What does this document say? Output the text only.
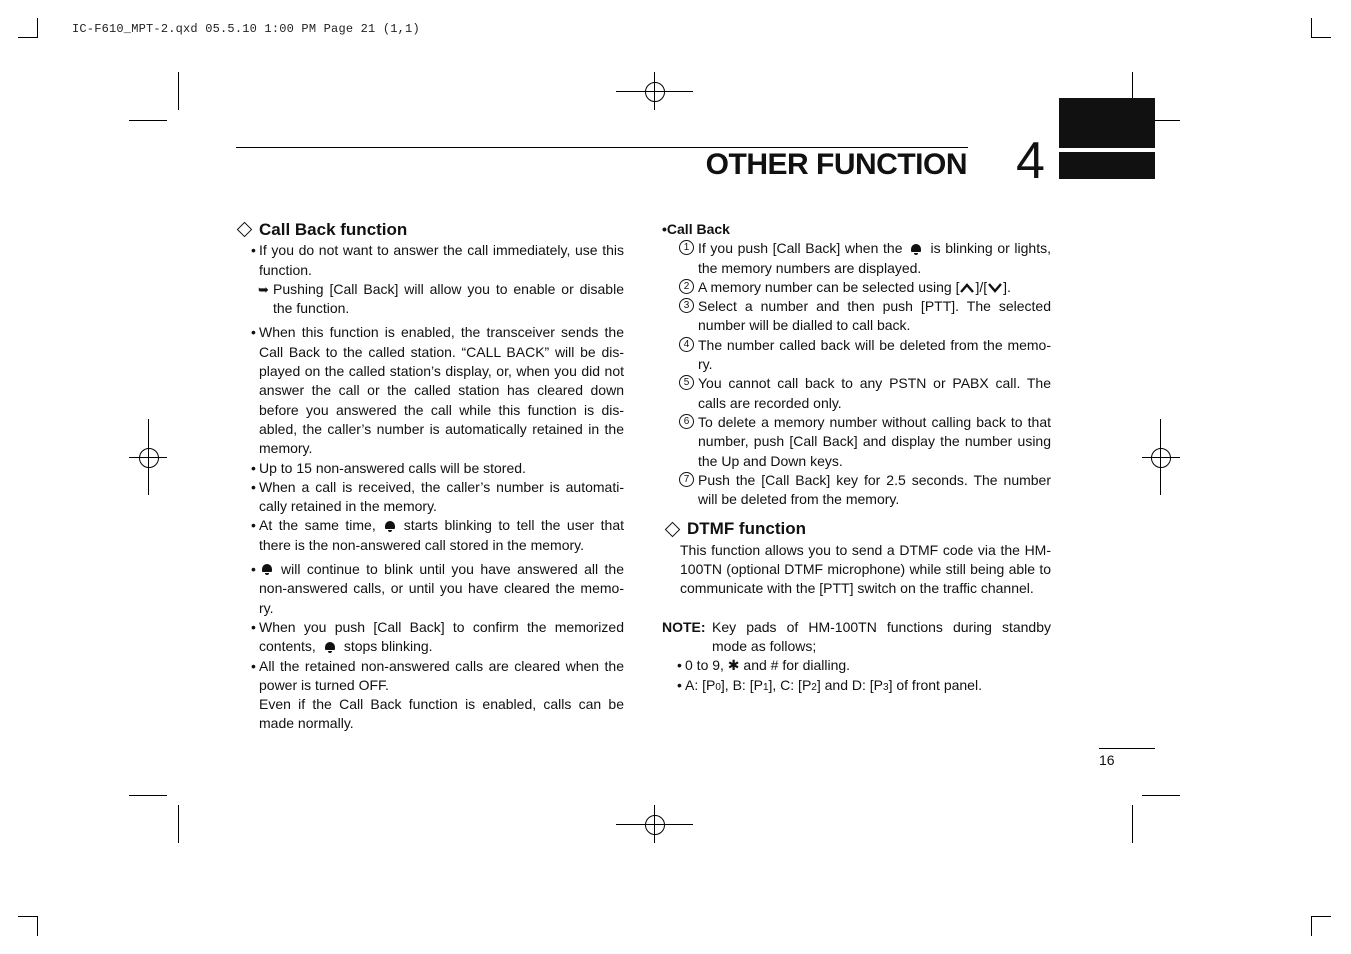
IC-F610_MPT-2.qxd 05.5.10 1:00 PM Page 21 (1,1)
OTHER FUNCTION 4
Call Back function
• If you do not want to answer the call immediately, use this function.
➥ Pushing [Call Back] will allow you to enable or disable the function.
• When this function is enabled, the transceiver sends the Call Back to the called station. “CALL BACK” will be dis-played on the called station’s display, or, when you did not answer the call or the called station has cleared down before you answered the call while this function is dis-abled, the caller’s number is automatically retained in the memory.
• Up to 15 non-answered calls will be stored.
• When a call is received, the caller’s number is automati-cally retained in the memory.
• At the same time, starts blinking to tell the user that there is the non-answered call stored in the memory.
• will continue to blink until you have answered all the non-answered calls, or until you have cleared the memo-ry.
• When you push [Call Back] to confirm the memorized contents, stops blinking.
• All the retained non-answered calls are cleared when the power is turned OFF.
Even if the Call Back function is enabled, calls can be made normally.
•Call Back
1 If you push [Call Back] when the is blinking or lights, the memory numbers are displayed.
2 A memory number can be selected using [ ]/[ ].
3 Select a number and then push [PTT]. The selected number will be dialled to call back.
4 The number called back will be deleted from the memo-ry.
5 You cannot call back to any PSTN or PABX call. The calls are recorded only.
6 To delete a memory number without calling back to that number, push [Call Back] and display the number using the Up and Down keys.
7 Push the [Call Back] key for 2.5 seconds. The number will be deleted from the memory.
DTMF function
This function allows you to send a DTMF code via the HM-100TN (optional DTMF microphone) while still being able to communicate with the [PTT] switch on the traffic channel.
NOTE: Key pads of HM-100TN functions during standby mode as follows;
• 0 to 9, ✱ and # for dialling.
• A: [P0], B: [P1], C: [P2] and D: [P3] of front panel.
16
